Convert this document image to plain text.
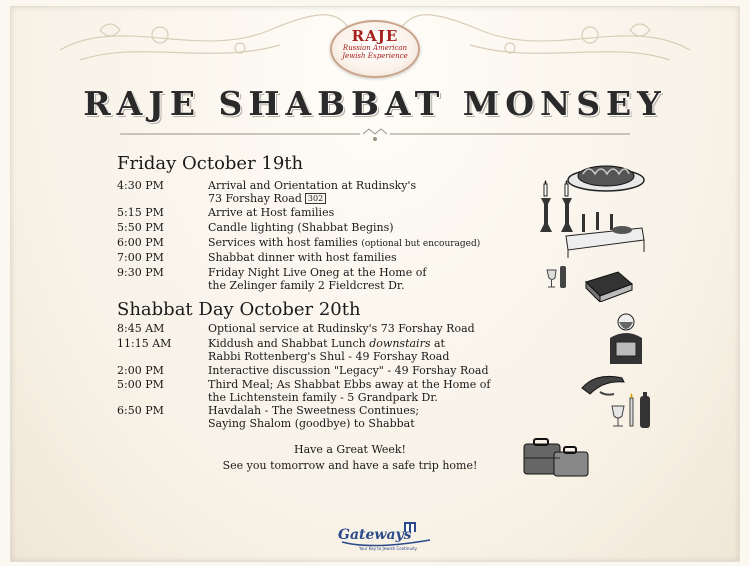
RAJE
Russian American
Jewish Experience
RAJE SHABBAT MONSEY
Friday October 19th
4:30 PM	Arrival and Orientation at Rudinsky's
73 Forshay Road 302
5:15 PM	Arrive at Host families
5:50 PM	Candle lighting (Shabbat Begins)
6:00 PM	Services with host families (optional but encouraged)
7:00 PM	Shabbat dinner with host families
9:30 PM	Friday Night Live Oneg at the Home of
the Zelinger family 2 Fieldcrest Dr.
Shabbat Day October 20th
8:45 AM	Optional service at Rudinsky's 73 Forshay Road
11:15 AM	Kiddush and Shabbat Lunch downstairs at
Rabbi Rottenberg's Shul - 49 Forshay Road
2:00 PM	Interactive discussion "Legacy" - 49 Forshay Road
5:00 PM	Third Meal; As Shabbat Ebbs away at the Home of
the Lichtenstein family - 5 Grandpark Dr.
6:50 PM	Havdalah - The Sweetness Continues;
Saying Shalom (goodbye) to Shabbat
Have a Great Week!
See you tomorrow and have a safe trip home!
Gateways
Your Key to Jewish Continuity
